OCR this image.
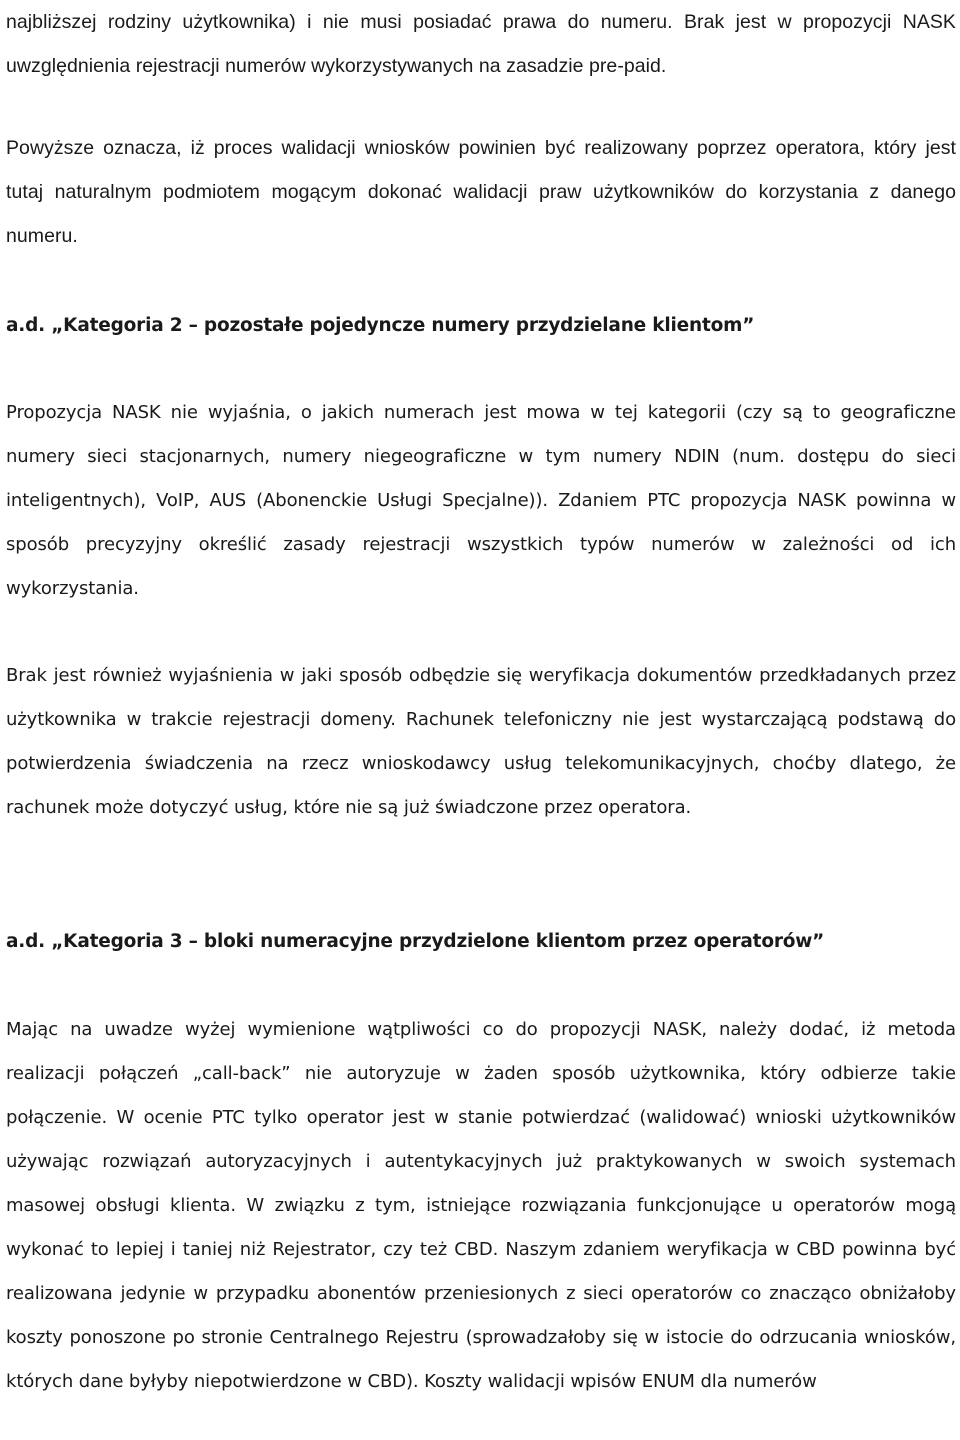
najbliższej rodziny użytkownika) i nie musi posiadać prawa do numeru. Brak jest w propozycji NASK uwzględnienia rejestracji numerów wykorzystywanych na zasadzie pre-paid.

Powyższe oznacza, iż proces walidacji wniosków powinien być realizowany poprzez operatora, który jest tutaj naturalnym podmiotem mogącym dokonać walidacji praw użytkowników do korzystania z danego numeru.

a.d. „Kategoria 2 – pozostałe pojedyncze numery przydzielane klientom”

Propozycja NASK nie wyjaśnia, o jakich numerach jest mowa w tej kategorii (czy są to geograficzne numery sieci stacjonarnych, numery niegeograficzne w tym numery NDIN (num. dostępu do sieci inteligentnych), VoIP, AUS (Abonenckie Usługi Specjalne)). Zdaniem PTC propozycja NASK powinna w sposób precyzyjny określić zasady rejestracji wszystkich typów numerów w zależności od ich wykorzystania.

Brak jest również wyjaśnienia w jaki sposób odbędzie się weryfikacja dokumentów przedkładanych przez użytkownika w trakcie rejestracji domeny. Rachunek telefoniczny nie jest wystarczającą podstawą do potwierdzenia świadczenia na rzecz wnioskodawcy usług telekomunikacyjnych, choćby dlatego, że rachunek może dotyczyć usług, które nie są już świadczone przez operatora.

a.d. „Kategoria 3 – bloki numeracyjne przydzielone klientom przez operatorów”

Mając na uwadze wyżej wymienione wątpliwości co do propozycji NASK, należy dodać, iż metoda realizacji połączeń „call-back” nie autoryzuje w żaden sposób użytkownika, który odbierze takie połączenie. W ocenie PTC tylko operator jest w stanie potwierdzać (walidować) wnioski użytkowników używając rozwiązań autoryzacyjnych i autentykacyjnych już praktykowanych w swoich systemach masowej obsługi klienta. W związku z tym, istniejące rozwiązania funkcjonujące u operatorów mogą wykonać to lepiej i taniej niż Rejestrator, czy też CBD. Naszym zdaniem weryfikacja w CBD powinna być realizowana jedynie w przypadku abonentów przeniesionych z sieci operatorów co znacząco obniżałoby koszty ponoszone po stronie Centralnego Rejestru (sprowadzałoby się w istocie do odrzucania wniosków, których dane byłyby niepotwierdzone w CBD). Koszty walidacji wpisów ENUM dla numerów
